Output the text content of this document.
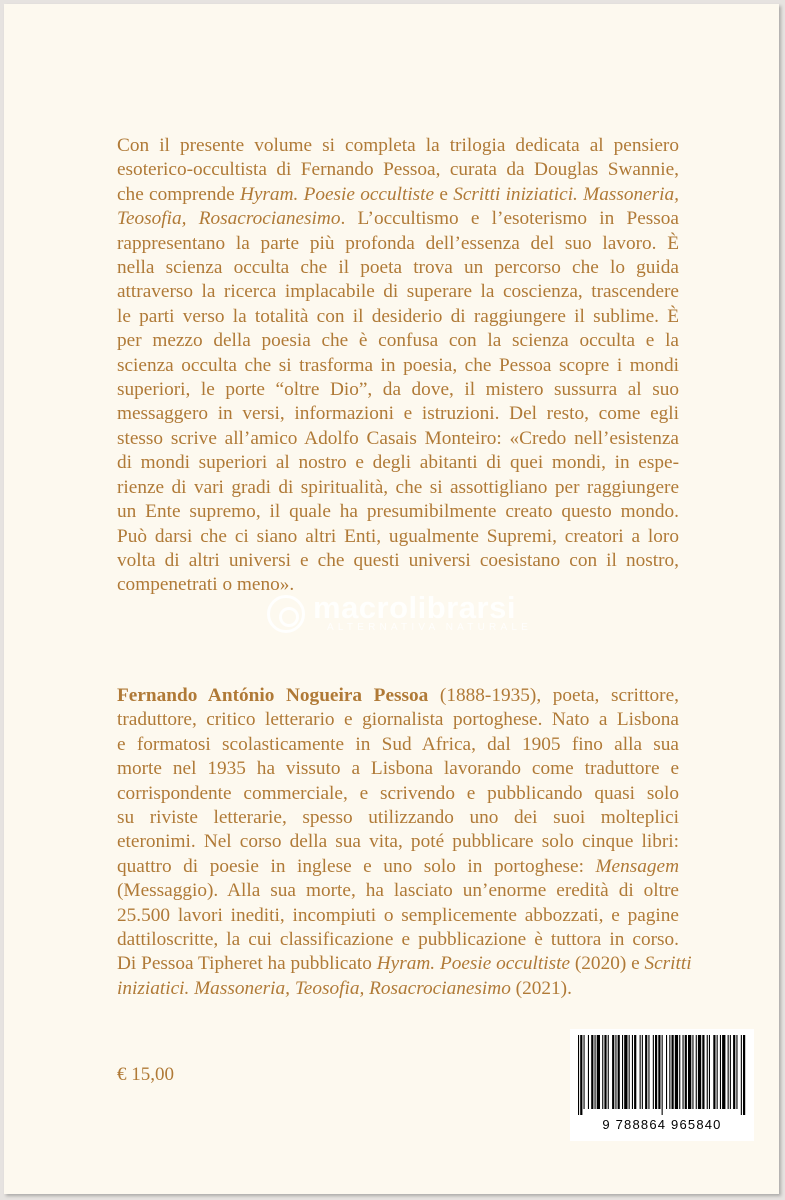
Con il presente volume si completa la trilogia dedicata al pensiero
esoterico-occultista di Fernando Pessoa, curata da Douglas Swannie,
che comprende Hyram. Poesie occultiste e Scritti iniziatici. Massoneria,
Teosofia, Rosacrocianesimo. L’occultismo e l’esoterismo in Pessoa
rappresentano la parte più profonda dell’essenza del suo lavoro. È
nella scienza occulta che il poeta trova un percorso che lo guida
attraverso la ricerca implacabile di superare la coscienza, trascendere
le parti verso la totalità con il desiderio di raggiungere il sublime. È
per mezzo della poesia che è confusa con la scienza occulta e la
scienza occulta che si trasforma in poesia, che Pessoa scopre i mondi
superiori, le porte “oltre Dio”, da dove, il mistero sussurra al suo
messaggero in versi, informazioni e istruzioni. Del resto, come egli
stesso scrive all’amico Adolfo Casais Monteiro: «Credo nell’esistenza
di mondi superiori al nostro e degli abitanti di quei mondi, in espe-
rienze di vari gradi di spiritualità, che si assottigliano per raggiungere
un Ente supremo, il quale ha presumibilmente creato questo mondo.
Può darsi che ci siano altri Enti, ugualmente Supremi, creatori a loro
volta di altri universi e che questi universi coesistano con il nostro,
compenetrati o meno».
Fernando António Nogueira Pessoa (1888-1935), poeta, scrittore,
traduttore, critico letterario e giornalista portoghese. Nato a Lisbona
e formatosi scolasticamente in Sud Africa, dal 1905 fino alla sua
morte nel 1935 ha vissuto a Lisbona lavorando come traduttore e
corrispondente commerciale, e scrivendo e pubblicando quasi solo
su riviste letterarie, spesso utilizzando uno dei suoi molteplici
eteronimi. Nel corso della sua vita, poté pubblicare solo cinque libri:
quattro di poesie in inglese e uno solo in portoghese: Mensagem
(Messaggio). Alla sua morte, ha lasciato un’enorme eredità di oltre
25.500 lavori inediti, incompiuti o semplicemente abbozzati, e pagine
dattiloscritte, la cui classificazione e pubblicazione è tuttora in corso.
Di Pessoa Tipheret ha pubblicato Hyram. Poesie occultiste (2020) e Scritti
iniziatici. Massoneria, Teosofia, Rosacrocianesimo (2021).
macrolibrarsi
ALTERNATIVA NATURALE
€ 15,00
9 788864 965840
